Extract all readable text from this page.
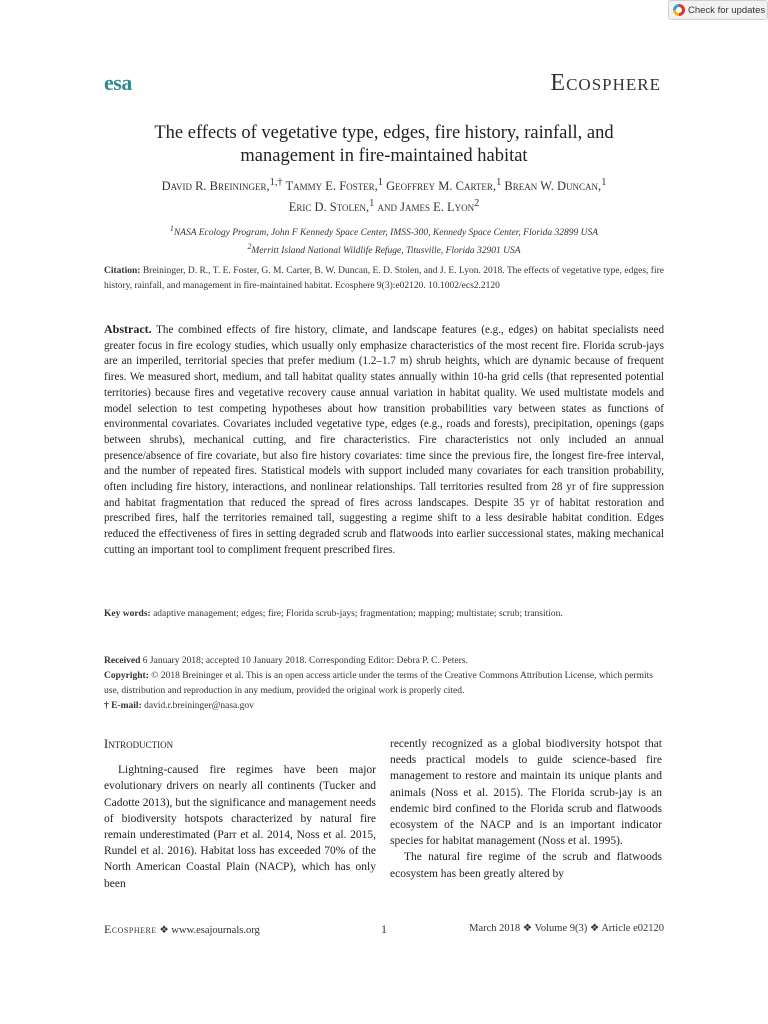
Check for updates
esa	Ecosphere
The effects of vegetative type, edges, fire history, rainfall, and
management in fire-maintained habitat
David R. Breininger,$^{1,\dagger}$ Tammy E. Foster,$^1$ Geoffrey M. Carter,$^1$ Brean W. Duncan,$^1$
Eric D. Stolen,$^1$ and James E. Lyon$^2$
$^1$NASA Ecology Program, John F Kennedy Space Center, IMSS-300, Kennedy Space Center, Florida 32899 USA
$^2$Merritt Island National Wildlife Refuge, Titusville, Florida 32901 USA
Citation: Breininger, D. R., T. E. Foster, G. M. Carter, B. W. Duncan, E. D. Stolen, and J. E. Lyon. 2018. The effects of vegetative type, edges, fire history, rainfall, and management in fire-maintained habitat. Ecosphere 9(3):e02120. 10.1002/ecs2.2120
Abstract. The combined effects of fire history, climate, and landscape features (e.g., edges) on habitat specialists need greater focus in fire ecology studies, which usually only emphasize characteristics of the most recent fire. Florida scrub-jays are an imperiled, territorial species that prefer medium (1.2–1.7 m) shrub heights, which are dynamic because of frequent fires. We measured short, medium, and tall habitat quality states annually within 10-ha grid cells (that represented potential territories) because fires and vegetative recovery cause annual variation in habitat quality. We used multistate models and model selection to test competing hypotheses about how transition probabilities vary between states as functions of environmental covariates. Covariates included vegetative type, edges (e.g., roads and forests), precipitation, openings (gaps between shrubs), mechanical cutting, and fire characteristics. Fire characteristics not only included an annual presence/absence of fire covariate, but also fire history covariates: time since the previous fire, the longest fire-free interval, and the number of repeated fires. Statistical models with support included many covariates for each transition probability, often including fire history, interactions, and nonlinear relationships. Tall territories resulted from 28 yr of fire suppression and habitat fragmentation that reduced the spread of fires across landscapes. Despite 35 yr of habitat restoration and prescribed fires, half the territories remained tall, suggesting a regime shift to a less desirable habitat condition. Edges reduced the effectiveness of fires in setting degraded scrub and flatwoods into earlier successional states, making mechanical cutting an important tool to compliment frequent prescribed fires.
Key words: adaptive management; edges; fire; Florida scrub-jays; fragmentation; mapping; multistate; scrub; transition.

Received 6 January 2018; accepted 10 January 2018. Corresponding Editor: Debra P. C. Peters.

Copyright: © 2018 Breininger et al. This is an open access article under the terms of the Creative Commons Attribution License, which permits use, distribution and reproduction in any medium, provided the original work is properly cited.

† E-mail: david.r.breininger@nasa.gov

Introduction

Lightning-caused fire regimes have been major evolutionary drivers on nearly all continents (Tucker and Cadotte 2013), but the significance and management needs of biodiversity hotspots characterized by natural fire remain underestimated (Parr et al. 2014, Noss et al. 2015, Rundel et al. 2016). Habitat loss has exceeded 70% of the North American Coastal Plain (NACP), which has only been

recently recognized as a global biodiversity hotspot that needs practical models to guide science-based fire management to restore and maintain its unique plants and animals (Noss et al. 2015). The Florida scrub-jay is an endemic bird confined to the Florida scrub and flatwoods ecosystem of the NACP and is an important indicator species for habitat management (Noss et al. 1995).

The natural fire regime of the scrub and flatwoods ecosystem has been greatly altered by

Ecosphere ❖ www.esajournals.org	1	March 2018 ❖ Volume 9(3) ❖ Article e02120
